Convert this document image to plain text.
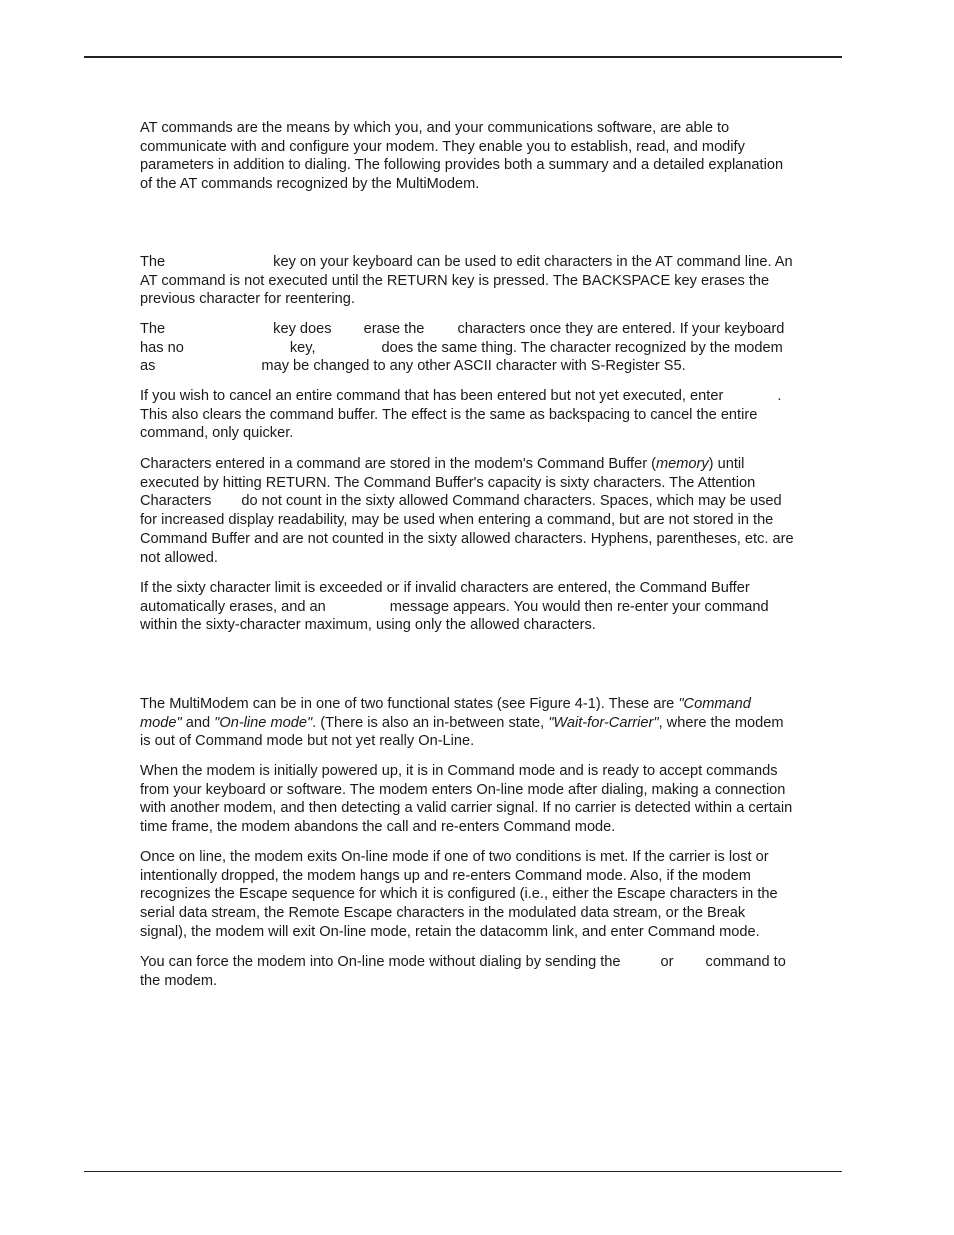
AT commands are the means by which you, and your communications software, are able to
communicate with and configure your modem. They enable you to establish, read, and modify
parameters in addition to dialing. The following provides both a summary and a detailed explanation
of the AT commands recognized by the MultiModem.
The	key on your keyboard can be used to edit characters in the AT command line. An
AT command is not executed until the RETURN key is pressed. The BACKSPACE key erases the
previous character for reentering.
The	key does erase the characters once they are entered. If your keyboard
has no	key,	does the same thing. The character recognized by the modem
as	may be changed to any other ASCII character with S-Register S5.
If you wish to cancel an entire command that has been entered but not yet executed, enter	.
This also clears the command buffer. The effect is the same as backspacing to cancel the entire
command, only quicker.
Characters entered in a command are stored in the modem's Command Buffer (memory) until
executed by hitting RETURN. The Command Buffer's capacity is sixty characters. The Attention
Characters do not count in the sixty allowed Command characters. Spaces, which may be used
for increased display readability, may be used when entering a command, but are not stored in the
Command Buffer and are not counted in the sixty allowed characters. Hyphens, parentheses, etc. are
not allowed.
If the sixty character limit is exceeded or if invalid characters are entered, the Command Buffer
automatically erases, and an	message appears. You would then re-enter your command
within the sixty-character maximum, using only the allowed characters.
The MultiModem can be in one of two functional states (see Figure 4-1). These are "Command
mode" and "On-line mode". (There is also an in-between state, "Wait-for-Carrier", where the modem
is out of Command mode but not yet really On-Line.
When the modem is initially powered up, it is in Command mode and is ready to accept commands
from your keyboard or software. The modem enters On-line mode after dialing, making a connection
with another modem, and then detecting a valid carrier signal. If no carrier is detected within a certain
time frame, the modem abandons the call and re-enters Command mode.
Once on line, the modem exits On-line mode if one of two conditions is met. If the carrier is lost or
intentionally dropped, the modem hangs up and re-enters Command mode. Also, if the modem
recognizes the Escape sequence for which it is configured (i.e., either the Escape characters in the
serial data stream, the Remote Escape characters in the modulated data stream, or the Break
signal), the modem will exit On-line mode, retain the datacomm link, and enter Command mode.
You can force the modem into On-line mode without dialing by sending the	or command to
the modem.
